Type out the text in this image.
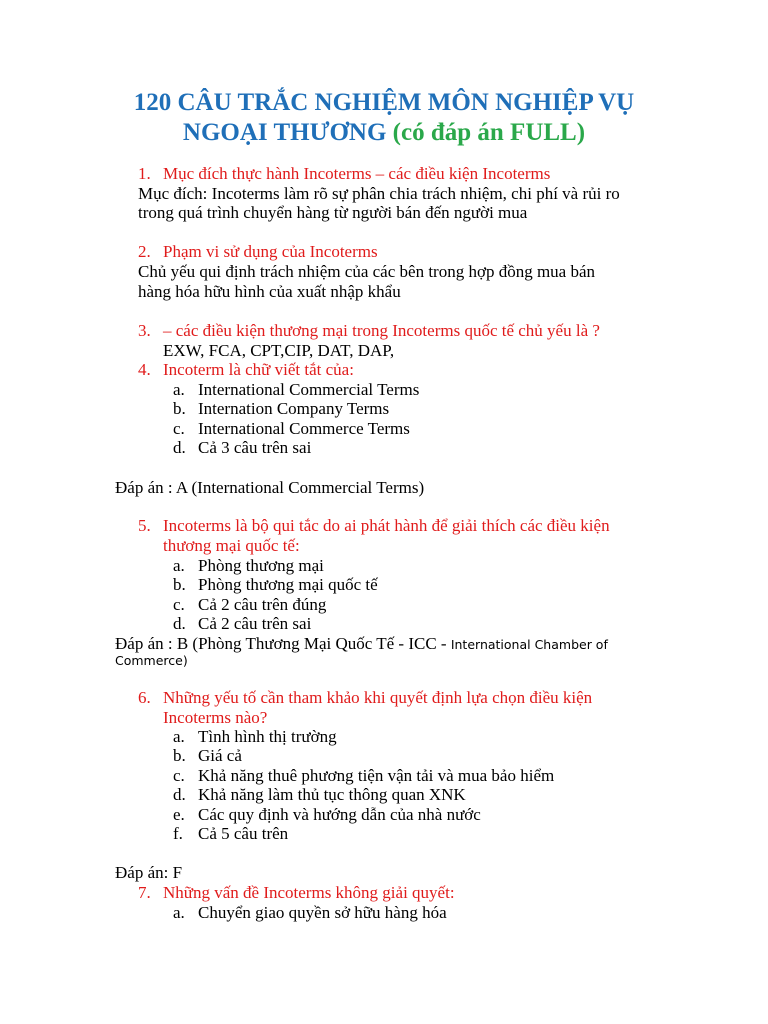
120 CÂU TRẮC NGHIỆM MÔN NGHIỆP VỤ
NGOẠI THƯƠNG (có đáp án FULL)
1. Mục đích thực hành Incoterms – các điều kiện Incoterms
Mục đích: Incoterms làm rõ sự phân chia trách nhiệm, chi phí và rủi ro
trong quá trình chuyển hàng từ người bán đến người mua
2. Phạm vi sử dụng của Incoterms
Chủ yếu qui định trách nhiệm của các bên trong hợp đồng mua bán
hàng hóa hữu hình của xuất nhập khẩu
3. – các điều kiện thương mại trong Incoterms quốc tế chủ yếu là ?
EXW, FCA, CPT,CIP, DAT, DAP,
4. Incoterm là chữ viết tắt của:
a. International Commercial Terms
b. Internation Company Terms
c. International Commerce Terms
d. Cả 3 câu trên sai
Đáp án : A (International Commercial Terms)
5. Incoterms là bộ qui tắc do ai phát hành để giải thích các điều kiện
thương mại quốc tế:
a. Phòng thương mại
b. Phòng thương mại quốc tế
c. Cả 2 câu trên đúng
d. Cả 2 câu trên sai
Đáp án : B (Phòng Thương Mại Quốc Tế - ICC - International Chamber of
Commerce)
6. Những yếu tố cần tham khảo khi quyết định lựa chọn điều kiện
Incoterms nào?
a. Tình hình thị trường
b. Giá cả
c. Khả năng thuê phương tiện vận tải và mua bảo hiểm
d. Khả năng làm thủ tục thông quan XNK
e. Các quy định và hướng dẫn của nhà nước
f. Cả 5 câu trên
Đáp án: F
7. Những vấn đề Incoterms không giải quyết:
a. Chuyển giao quyền sở hữu hàng hóa
